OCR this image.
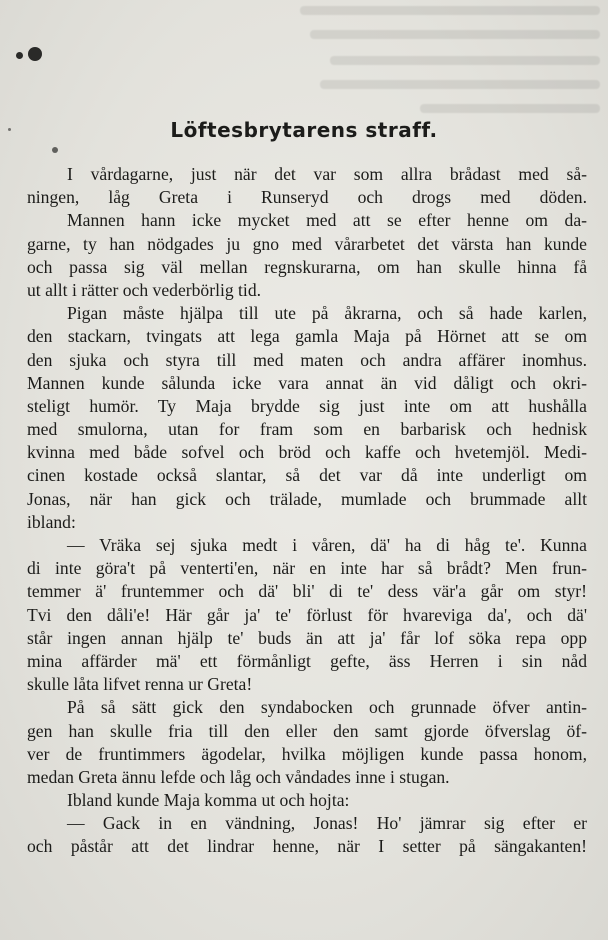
Löftesbrytarens straff.
I vårdagarne, just när det var som allra brådast med så-
ningen, låg Greta i Runseryd och drogs med döden.
Mannen hann icke mycket med att se efter henne om da-
garne, ty han nödgades ju gno med vårarbetet det värsta han kunde
och passa sig väl mellan regnskurarna, om han skulle hinna få
ut allt i rätter och vederbörlig tid.
Pigan måste hjälpa till ute på åkrarna, och så hade karlen,
den stackarn, tvingats att lega gamla Maja på Hörnet att se om
den sjuka och styra till med maten och andra affärer inomhus.
Mannen kunde sålunda icke vara annat än vid dåligt och okri-
steligt humör. Ty Maja brydde sig just inte om att hushålla
med smulorna, utan for fram som en barbarisk och hednisk
kvinna med både sofvel och bröd och kaffe och hvetemjöl. Medi-
cinen kostade också slantar, så det var då inte underligt om
Jonas, när han gick och trälade, mumlade och brummade allt
ibland:
— Vräka sej sjuka medt i våren, dä' ha di håg te'. Kunna
di inte göra't på venterti'en, när en inte har så brådt? Men frun-
temmer ä' fruntemmer och dä' bli' di te' dess vär'a går om styr!
Tvi den dåli'e! Här går ja' te' förlust för hvarevigа da', och dä'
står ingen annan hjälp te' buds än att ja' får lof söka repa opp
mina affärder mä' ett förmånligt gefte, äss Herren i sin nåd
skulle låta lifvet renna ur Greta!
På så sätt gick den syndabocken och grunnade öfver antin-
gen han skulle fria till den eller den samt gjorde öfverslag öf-
ver de fruntimmers ägodelar, hvilka möjligen kunde passa honom,
medan Greta ännu lefde och låg och våndades inne i stugan.
Ibland kunde Maja komma ut och hojta:
— Gack in en vändning, Jonas! Ho' jämrar sig efter er
och påstår att det lindrar henne, när I setter på sängakanten!
